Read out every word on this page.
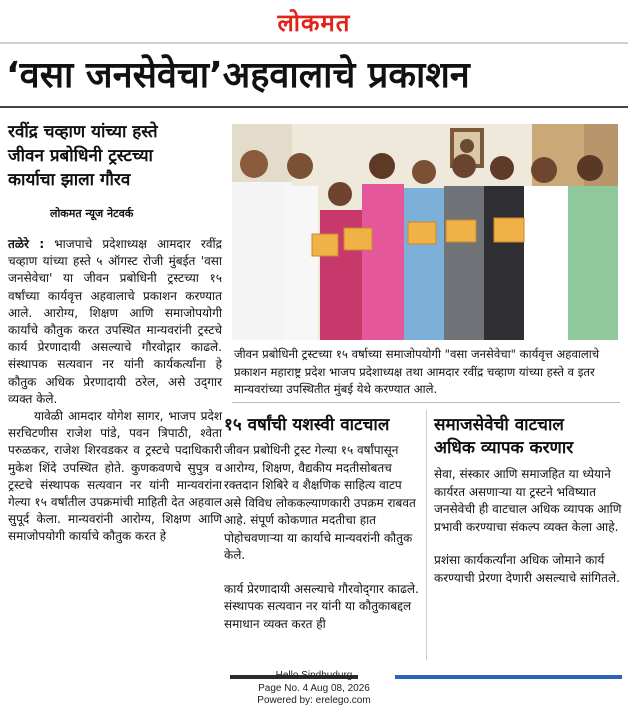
लोकमत
‘वसा जनसेवेचा’अहवालाचे प्रकाशन
रवींद्र चव्हाण यांच्या हस्ते
जीवन प्रबोधिनी ट्रस्टच्या
कार्याचा झाला गौरव
लोकमत न्यूज नेटवर्क

तळेरे : भाजपाचे प्रदेशाध्यक्ष आमदार रवींद्र चव्हाण यांच्या हस्ते ५ ऑगस्ट रोजी मुंबईत 'वसा जनसेवेचा' या जीवन प्रबोधिनी ट्रस्टच्या १५ वर्षांच्या कार्यवृत्त अहवालाचे प्रकाशन करण्यात आले. आरोग्य, शिक्षण आणि समाजोपयोगी कार्यांचे कौतुक करत उपस्थित मान्यवरांनी ट्रस्टचे कार्य प्रेरणादायी असल्याचे गौरवोद्गार काढले. संस्थापक सत्यवान नर यांनी कार्यकर्त्यांना हे कौतुक अधिक प्रेरणादायी ठरेल, असे उद्‌गार व्यक्त केले.

यावेळी आमदार योगेश सागर, भाजप प्रदेश सरचिटणीस राजेश पांडे, पवन त्रिपाठी, श्वेता परुळकर, राजेश शिरवडकर व ट्रस्टचे पदाधिकारी मुकेश शिंदे उपस्थित होते. कुणकवणचे सुपुत्र व ट्रस्टचे संस्थापक सत्यवान नर यांनी मान्यवरांना गेल्या १५ वर्षांतील उपक्रमांची माहिती देत अहवाल सुपूर्द केला. मान्यवरांनी आरोग्य, शिक्षण आणि समाजोपयोगी कार्याचे कौतुक करत हे

जीवन प्रबोधिनी ट्रस्टच्या १५ वर्षाच्या समाजोपयोगी "वसा जनसेवेचा" कार्यवृत्त अहवालाचे प्रकाशन महाराष्ट्र प्रदेश भाजप प्रदेशाध्यक्ष तथा आमदार रवींद्र चव्हाण यांच्या हस्ते व इतर मान्यवरांच्या उपस्थितीत मुंबई येथे करण्यात आले.
१५ वर्षांची यशस्वी वाटचाल

जीवन प्रबोधिनी ट्रस्ट गेल्या १५ वर्षांपासून आरोग्य, शिक्षण, वैद्यकीय मदतीसोबतच रक्तदान शिबिरे व शैक्षणिक साहित्य वाटप असे विविध लोककल्याणकारी उपक्रम राबवत आहे. संपूर्ण कोकणात मदतीचा हात पोहोचवणाऱ्या या कार्याचे मान्यवरांनी कौतुक केले.

कार्य प्रेरणादायी असल्याचे गौरवोद्‌गार काढले. संस्थापक सत्यवान नर यांनी या कौतुकाबद्दल समाधान व्यक्त करत ही

समाजसेवेची वाटचाल
अधिक व्यापक करणार

सेवा, संस्कार आणि समाजहित या ध्येयाने कार्यरत असणाऱ्या या ट्रस्टने भविष्यात जनसेवेची ही वाटचाल अधिक व्यापक आणि प्रभावी करण्याचा संकल्प व्यक्त केला आहे.

प्रशंसा कार्यकर्त्यांना अधिक जोमाने कार्य करण्याची प्रेरणा देणारी असल्याचे सांगितले.

Hello Sindhudurg
Page No. 4 Aug 08, 2026
Powered by: erelego.com
